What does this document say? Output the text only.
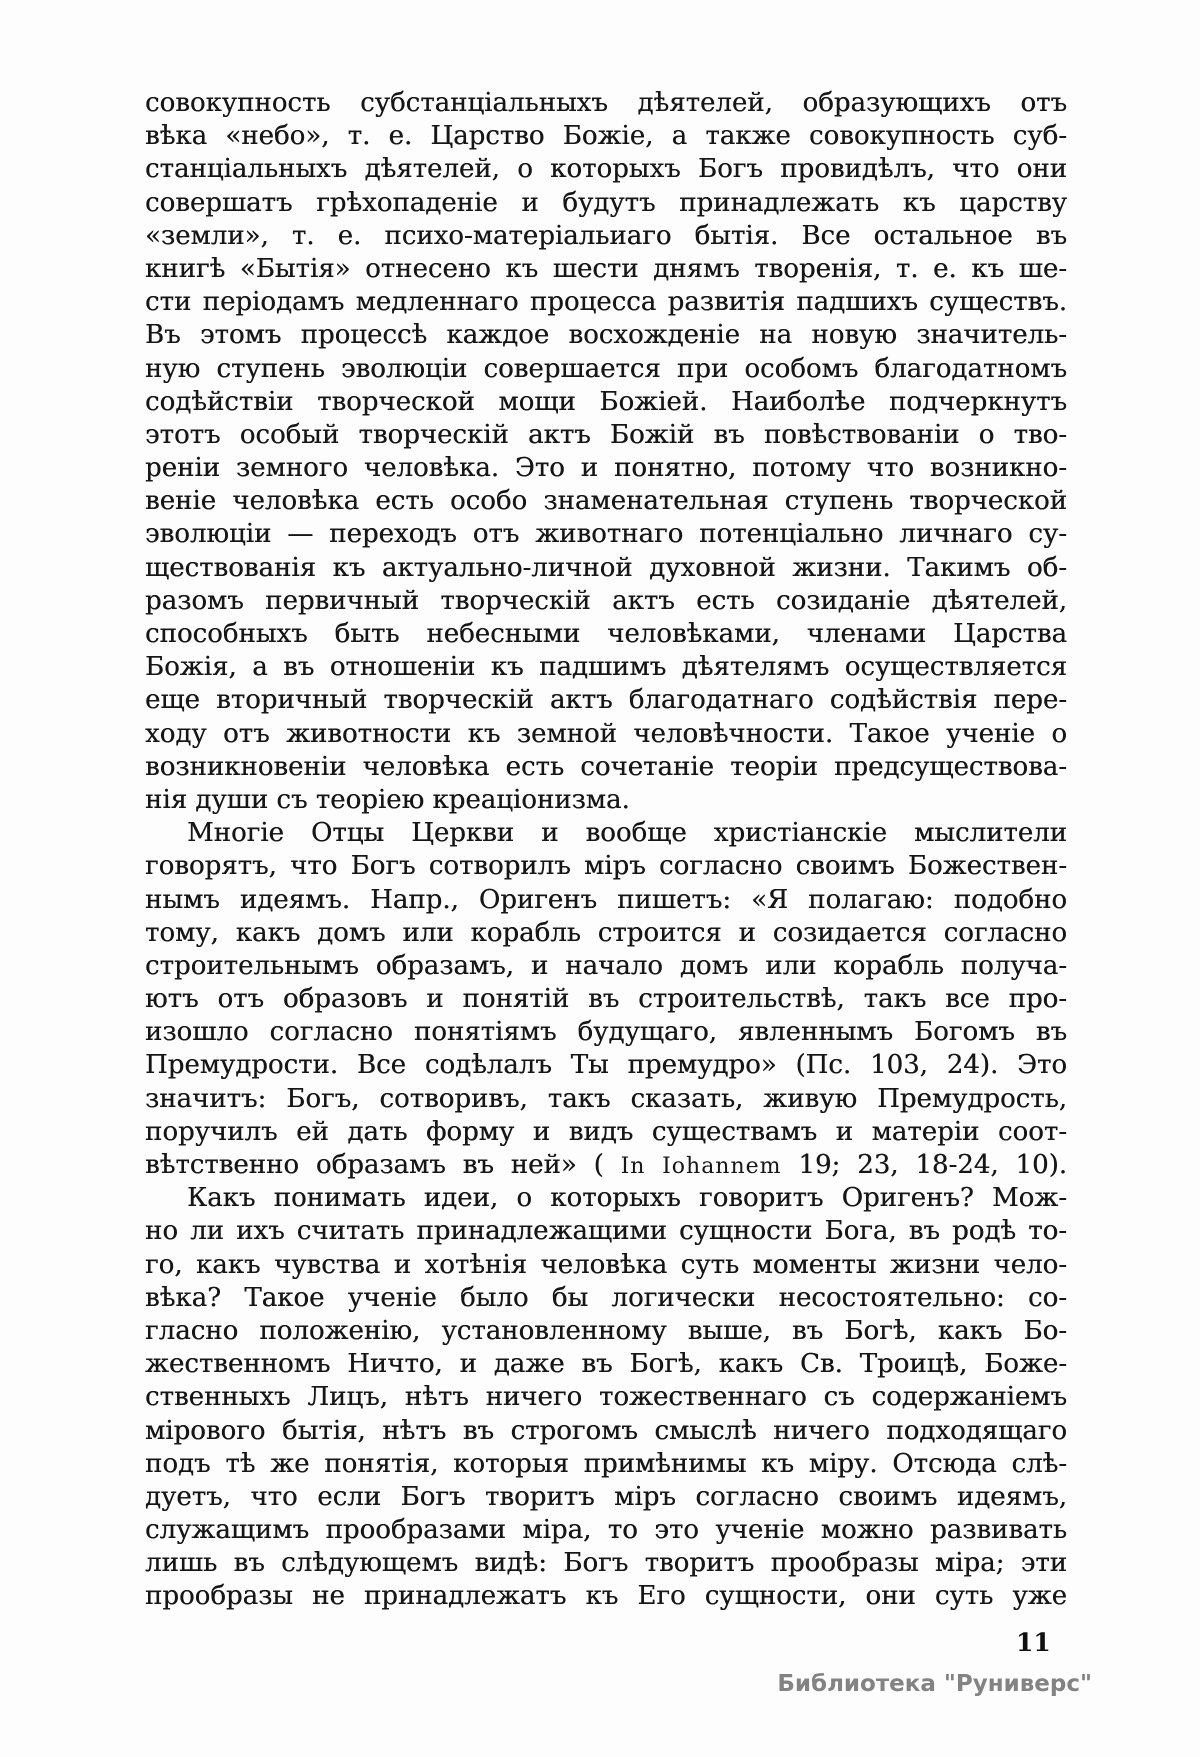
совокупность субстанціальныхъ дѣятелей, образующихъ отъ
вѣка «небо», т. е. Царство Божіе, а также совокупность суб-
станціальныхъ дѣятелей, о которыхъ Богъ провидѣлъ, что они
совершатъ грѣхопаденіе и будутъ принадлежать къ царству
«земли», т. е. психо-матеріальиаго бытія. Все остальное въ
книгѣ «Бытія» отнесено къ шести днямъ творенія, т. е. къ ше-
сти періодамъ медленнаго процесса развитія падшихъ существъ.
Въ этомъ процессѣ каждое восхожденіе на новую значитель-
ную ступень эволюціи совершается при особомъ благодатномъ
содѣйствіи творческой мощи Божіей. Наиболѣе подчеркнутъ
этотъ особый творческій актъ Божій въ повѣствованіи о тво-
реніи земного человѣка. Это и понятно, потому что возникно-
веніе человѣка есть особо знаменательная ступень творческой
эволюціи — переходъ отъ животнаго потенціально личнаго су-
ществованія къ актуально-личной духовной жизни. Такимъ об-
разомъ первичный творческій актъ есть созиданіе дѣятелей,
способныхъ быть небесными человѣками, членами Царства
Божія, а въ отношеніи къ падшимъ дѣятелямъ осуществляется
еще вторичный творческій актъ благодатнаго содѣйствія пере-
ходу отъ животности къ земной человѣчности. Такое ученіе о
возникновеніи человѣка есть сочетаніе теоріи предсуществова-
нія души съ теоріею креаціонизма.
Многіе Отцы Церкви и вообще христіанскіе мыслители
говорятъ, что Богъ сотворилъ міръ согласно своимъ Божествен-
нымъ идеямъ. Напр., Оригенъ пишетъ: «Я полагаю: подобно
тому, какъ домъ или корабль строится и созидается согласно
строительнымъ образамъ, и начало домъ или корабль получа-
ютъ отъ образовъ и понятій въ строительствѣ, такъ все про-
изошло согласно понятіямъ будущаго, явленнымъ Богомъ въ
Премудрости. Все содѣлалъ Ты премудро» (Пс. 103, 24). Это
значитъ: Богъ, сотворивъ, такъ сказать, живую Премудрость,
поручилъ ей дать форму и видъ существамъ и матеріи соот-
вѣтственно образамъ въ ней» ( In Iohannem 19; 23, 18-24, 10).
Какъ понимать идеи, о которыхъ говоритъ Оригенъ? Мож-
но ли ихъ считать принадлежащими сущности Бога, въ родѣ то-
го, какъ чувства и хотѣнія человѣка суть моменты жизни чело-
вѣка? Такое ученіе было бы логически несостоятельно: со-
гласно положенію, установленному выше, въ Богѣ, какъ Бо-
жественномъ Ничто, и даже въ Богѣ, какъ Св. Троицѣ, Боже-
ственныхъ Лицъ, нѣтъ ничего тожественнаго съ содержаніемъ
мірового бытія, нѣтъ въ строгомъ смыслѣ ничего подходящаго
подъ тѣ же понятія, которыя примѣнимы къ міру. Отсюда слѣ-
дуетъ, что если Богъ творитъ міръ согласно своимъ идеямъ,
служащимъ прообразами міра, то это ученіе можно развивать
лишь въ слѣдующемъ видѣ: Богъ творитъ прообразы міра; эти
прообразы не принадлежатъ къ Его сущности, они суть уже
11
Библиотека "Руниверс"
